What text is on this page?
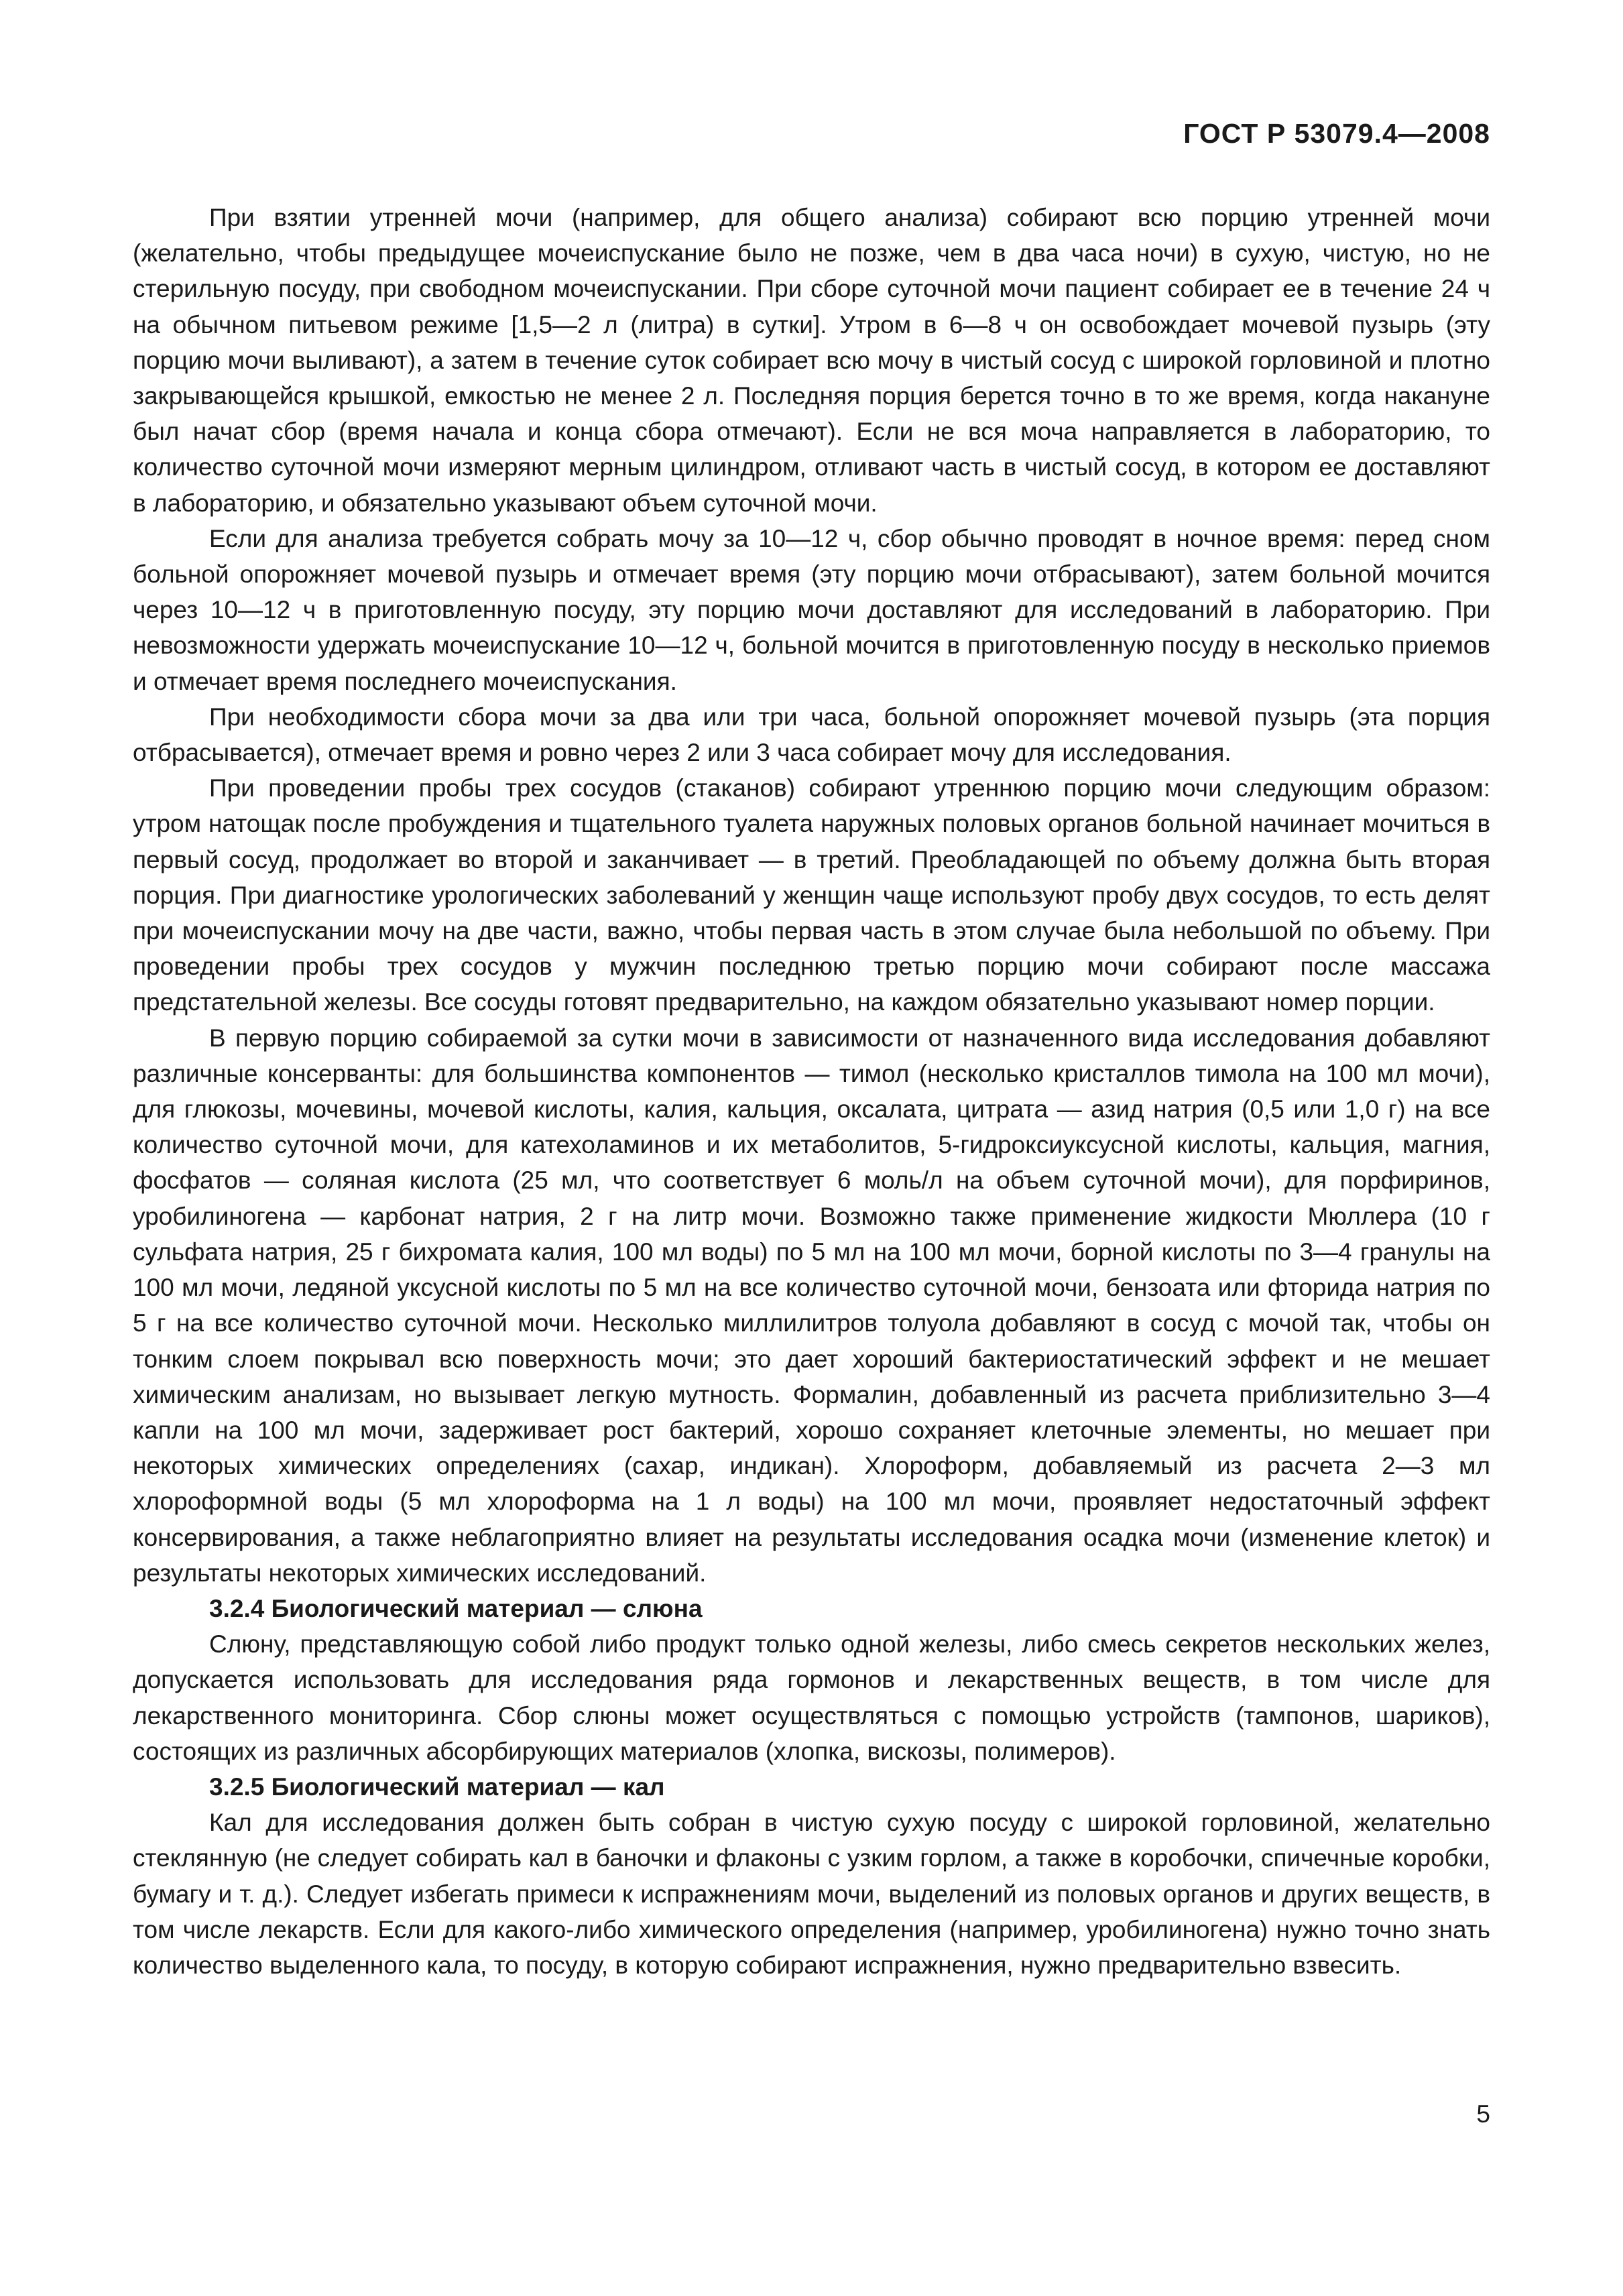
ГОСТ Р 53079.4—2008

При взятии утренней мочи (например, для общего анализа) собирают всю порцию утренней мочи (желательно, чтобы предыдущее мочеиспускание было не позже, чем в два часа ночи) в сухую, чистую, но не стерильную посуду, при свободном мочеиспускании. При сборе суточной мочи пациент собирает ее в течение 24 ч на обычном питьевом режиме [1,5—2 л (литра) в сутки]. Утром в 6—8 ч он освобождает мочевой пузырь (эту порцию мочи выливают), а затем в течение суток собирает всю мочу в чистый сосуд с широкой горловиной и плотно закрывающейся крышкой, емкостью не менее 2 л. Последняя порция берется точно в то же время, когда накануне был начат сбор (время начала и конца сбора отмечают). Если не вся моча направляется в лабораторию, то количество суточной мочи измеряют мерным цилиндром, отливают часть в чистый сосуд, в котором ее доставляют в лабораторию, и обязательно указывают объем суточной мочи.

Если для анализа требуется собрать мочу за 10—12 ч, сбор обычно проводят в ночное время: перед сном больной опорожняет мочевой пузырь и отмечает время (эту порцию мочи отбрасывают), затем больной мочится через 10—12 ч в приготовленную посуду, эту порцию мочи доставляют для исследований в лабораторию. При невозможности удержать мочеиспускание 10—12 ч, больной мочится в приготовленную посуду в несколько приемов и отмечает время последнего мочеиспускания.

При необходимости сбора мочи за два или три часа, больной опорожняет мочевой пузырь (эта порция отбрасывается), отмечает время и ровно через 2 или 3 часа собирает мочу для исследования.

При проведении пробы трех сосудов (стаканов) собирают утреннюю порцию мочи следующим образом: утром натощак после пробуждения и тщательного туалета наружных половых органов больной начинает мочиться в первый сосуд, продолжает во второй и заканчивает — в третий. Преобладающей по объему должна быть вторая порция. При диагностике урологических заболеваний у женщин чаще используют пробу двух сосудов, то есть делят при мочеиспускании мочу на две части, важно, чтобы первая часть в этом случае была небольшой по объему. При проведении пробы трех сосудов у мужчин последнюю третью порцию мочи собирают после массажа предстательной железы. Все сосуды готовят предварительно, на каждом обязательно указывают номер порции.

В первую порцию собираемой за сутки мочи в зависимости от назначенного вида исследования добавляют различные консерванты: для большинства компонентов — тимол (несколько кристаллов тимола на 100 мл мочи), для глюкозы, мочевины, мочевой кислоты, калия, кальция, оксалата, цитрата — азид натрия (0,5 или 1,0 г) на все количество суточной мочи, для катехоламинов и их метаболитов, 5-гидроксиуксусной кислоты, кальция, магния, фосфатов — соляная кислота (25 мл, что соответствует 6 моль/л на объем суточной мочи), для порфиринов, уробилиногена — карбонат натрия, 2 г на литр мочи. Возможно также применение жидкости Мюллера (10 г сульфата натрия, 25 г бихромата калия, 100 мл воды) по 5 мл на 100 мл мочи, борной кислоты по 3—4 гранулы на 100 мл мочи, ледяной уксусной кислоты по 5 мл на все количество суточной мочи, бензоата или фторида натрия по 5 г на все количество суточной мочи. Несколько миллилитров толуола добавляют в сосуд с мочой так, чтобы он тонким слоем покрывал всю поверхность мочи; это дает хороший бактериостатический эффект и не мешает химическим анализам, но вызывает легкую мутность. Формалин, добавленный из расчета приблизительно 3—4 капли на 100 мл мочи, задерживает рост бактерий, хорошо сохраняет клеточные элементы, но мешает при некоторых химических определениях (сахар, индикан). Хлороформ, добавляемый из расчета 2—3 мл хлороформной воды (5 мл хлороформа на 1 л воды) на 100 мл мочи, проявляет недостаточный эффект консервирования, а также неблагоприятно влияет на результаты исследования осадка мочи (изменение клеток) и результаты некоторых химических исследований.

3.2.4 Биологический материал — слюна

Слюну, представляющую собой либо продукт только одной железы, либо смесь секретов нескольких желез, допускается использовать для исследования ряда гормонов и лекарственных веществ, в том числе для лекарственного мониторинга. Сбор слюны может осуществляться с помощью устройств (тампонов, шариков), состоящих из различных абсорбирующих материалов (хлопка, вискозы, полимеров).

3.2.5 Биологический материал — кал

Кал для исследования должен быть собран в чистую сухую посуду с широкой горловиной, желательно стеклянную (не следует собирать кал в баночки и флаконы с узким горлом, а также в коробочки, спичечные коробки, бумагу и т. д.). Следует избегать примеси к испражнениям мочи, выделений из половых органов и других веществ, в том числе лекарств. Если для какого-либо химического определения (например, уробилиногена) нужно точно знать количество выделенного кала, то посуду, в которую собирают испражнения, нужно предварительно взвесить.

5
